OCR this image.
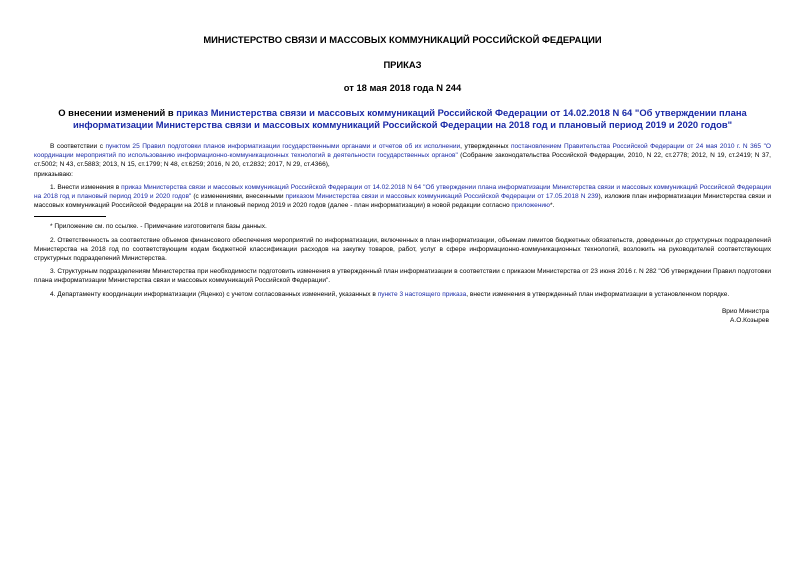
МИНИСТЕРСТВО СВЯЗИ И МАССОВЫХ КОММУНИКАЦИЙ РОССИЙСКОЙ ФЕДЕРАЦИИ
ПРИКАЗ
от 18 мая 2018 года N 244
О внесении изменений в приказ Министерства связи и массовых коммуникаций Российской Федерации от 14.02.2018 N 64 "Об утверждении плана информатизации Министерства связи и массовых коммуникаций Российской Федерации на 2018 год и плановый период 2019 и 2020 годов"

В соответствии с пунктом 25 Правил подготовки планов информатизации государственными органами и отчетов об их исполнении, утвержденных постановлением Правительства Российской Федерации от 24 мая 2010 г. N 365 "О координации мероприятий по использованию информационно-коммуникационных технологий в деятельности государственных органов" (Собрание законодательства Российской Федерации, 2010, N 22, ст.2778; 2012, N 19, ст.2419; N 37, ст.5002; N 43, ст.5883; 2013, N 15, ст.1799; N 48, ст.6259; 2016, N 20, ст.2832; 2017, N 29, ст.4366),

приказываю:

1. Внести изменения в приказ Министерства связи и массовых коммуникаций Российской Федерации от 14.02.2018 N 64 "Об утверждении плана информатизации Министерства связи и массовых коммуникаций Российской Федерации на 2018 год и плановый период 2019 и 2020 годов" (с изменениями, внесенными приказом Министерства связи и массовых коммуникаций Российской Федерации от 17.05.2018 N 239), изложив план информатизации Министерства связи и массовых коммуникаций Российской Федерации на 2018 и плановый период 2019 и 2020 годов (далее - план информатизации) в новой редакции согласно приложению*.

* Приложение см. по ссылке. - Примечание изготовителя базы данных.

2. Ответственность за соответствие объемов финансового обеспечения мероприятий по информатизации, включенных в план информатизации, объемам лимитов бюджетных обязательств, доведенных до структурных подразделений Министерства на 2018 год по соответствующим кодам бюджетной классификации расходов на закупку товаров, работ, услуг в сфере информационно-коммуникационных технологий, возложить на руководителей соответствующих структурных подразделений Министерства.

3. Структурным подразделениям Министерства при необходимости подготовить изменения в утвержденный план информатизации в соответствии с приказом Министерства от 23 июня 2016 г. N 282 "Об утверждении Правил подготовки плана информатизации Министерства связи и массовых коммуникаций Российской Федерации".

4. Департаменту координации информатизации (Яценко) с учетом согласованных изменений, указанных в пункте 3 настоящего приказа, внести изменения в утвержденный план информатизации в установленном порядке.

Врио Министра
А.О.Козырев
